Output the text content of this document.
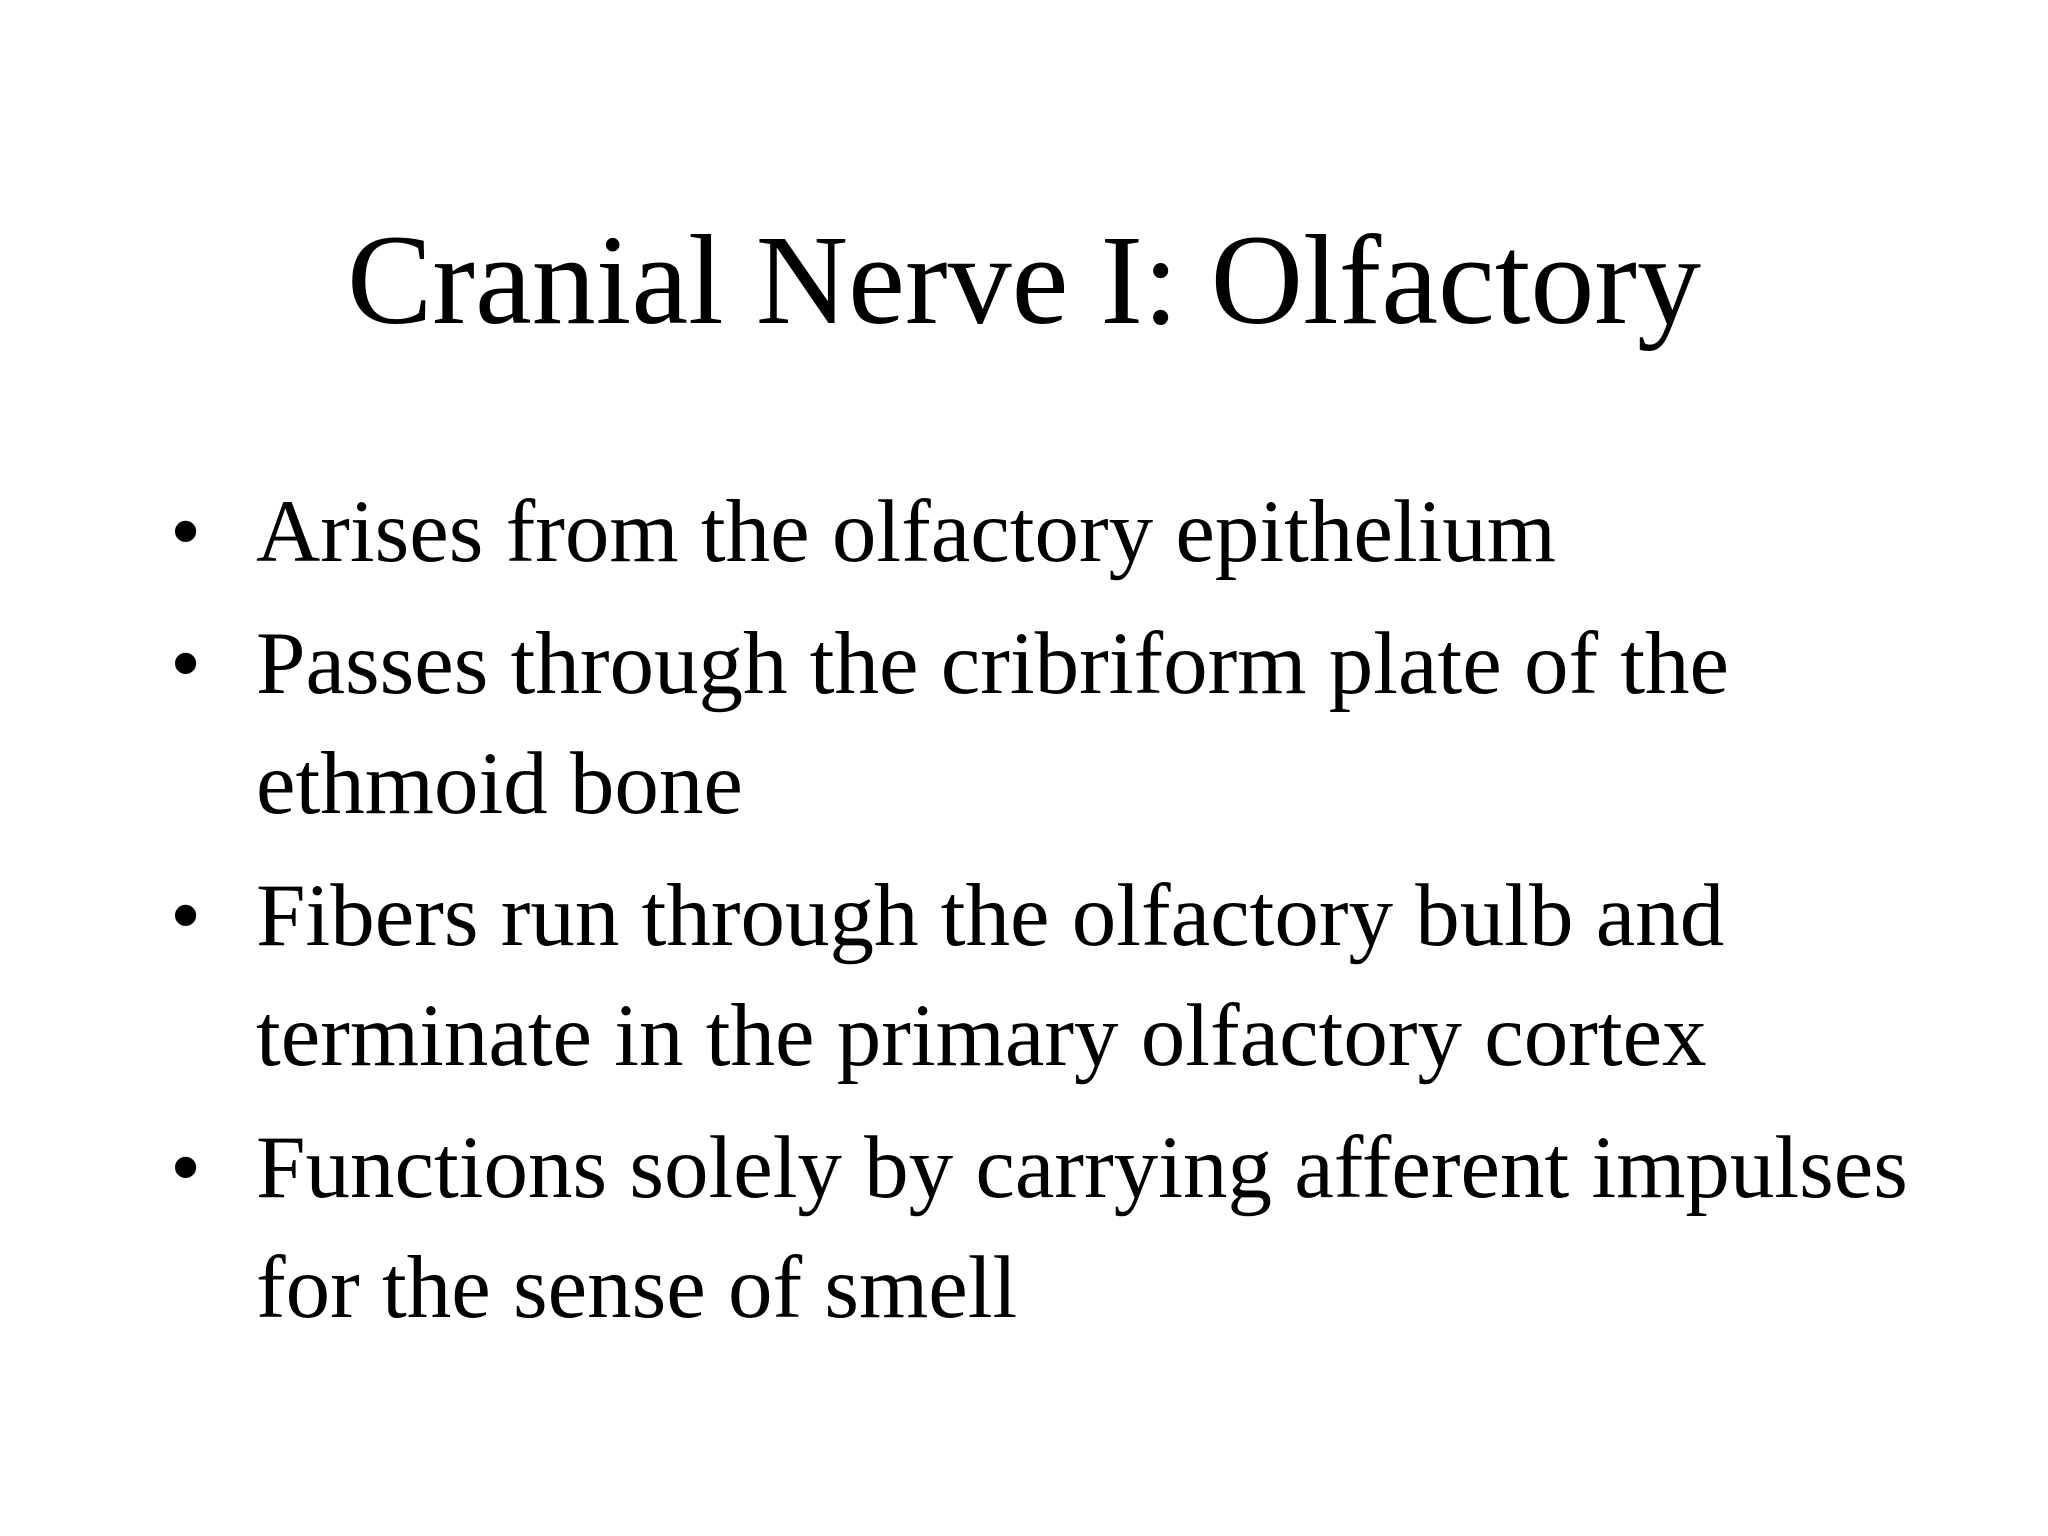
Cranial Nerve I: Olfactory
• Arises from the olfactory epithelium
• Passes through the cribriform plate of the ethmoid bone
• Fibers run through the olfactory bulb and terminate in the primary olfactory cortex
• Functions solely by carrying afferent impulses for the sense of smell
